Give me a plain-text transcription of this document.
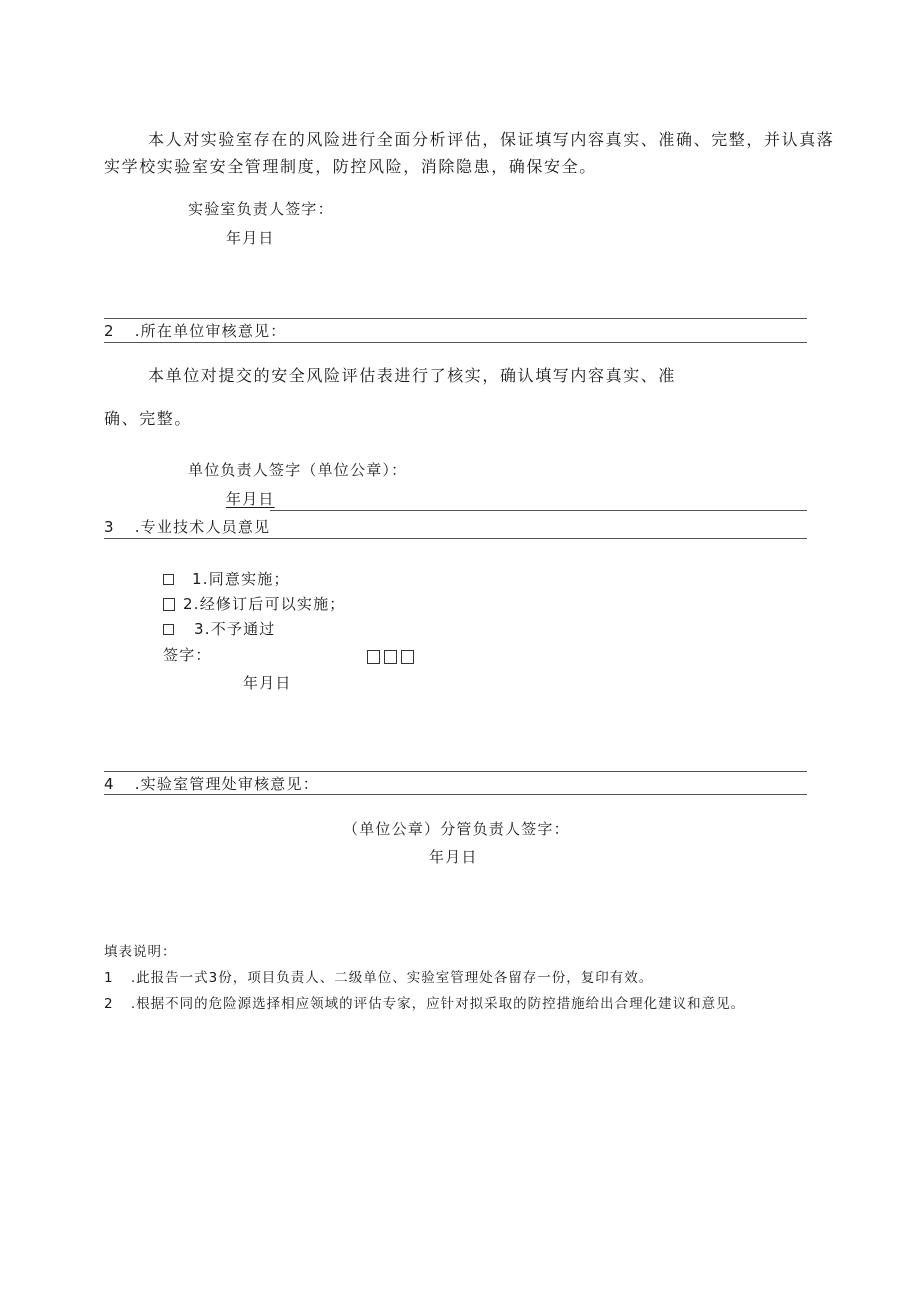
本人对实验室存在的风险进行全面分析评估，保证填写内容真实、准确、完整，并认真落
实学校实验室安全管理制度，防控风险，消除隐患，确保安全。
实验室负责人签字：
年月日
2 .所在单位审核意见：
本单位对提交的安全风险评估表进行了核实，确认填写内容真实、准
确、完整。
单位负责人签字（单位公章）：
年月日
3 .专业技术人员意见
1.同意实施；
2.经修订后可以实施；
3.不予通过
签字：
年月日
4 .实验室管理处审核意见：
（单位公章）分管负责人签字：
年月日
填表说明：
1 .此报告一式3份，项目负责人、二级单位、实验室管理处各留存一份，复印有效。
2 .根据不同的危险源选择相应领域的评估专家，应针对拟采取的防控措施给出合理化建议和意见。
